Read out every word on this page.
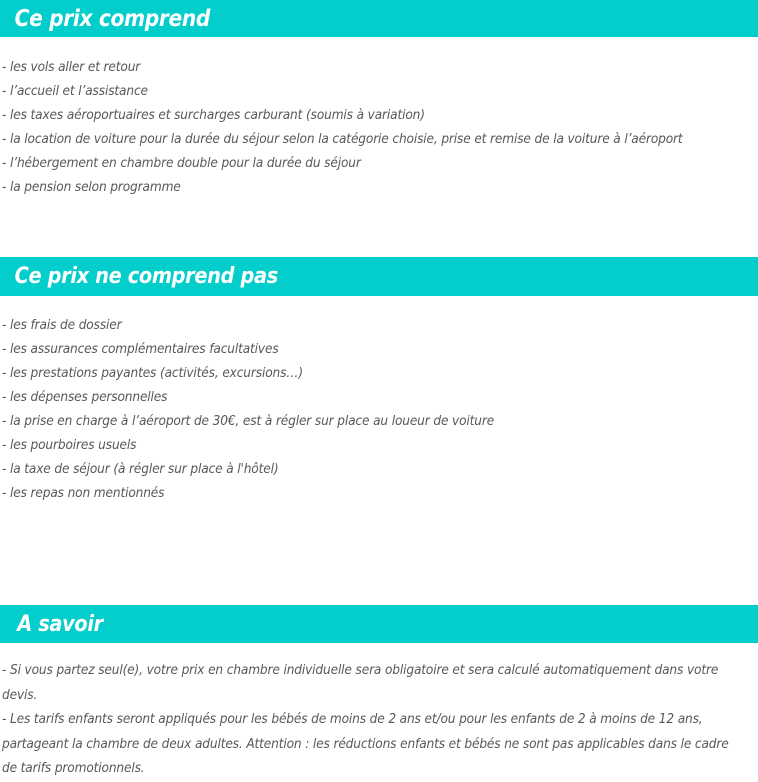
Ce prix comprend

- les vols aller et retour

- l’accueil et l’assistance

- les taxes aéroportuaires et surcharges carburant (soumis à variation)

- la location de voiture pour la durée du séjour selon la catégorie choisie, prise et remise de la voiture à l’aéroport

- l’hébergement en chambre double pour la durée du séjour

- la pension selon programme

Ce prix ne comprend pas

- les frais de dossier

- les assurances complémentaires facultatives

- les prestations payantes (activités, excursions…)

- les dépenses personnelles

- la prise en charge à l’aéroport de 30€, est à régler sur place au loueur de voiture

- les pourboires usuels

- la taxe de séjour (à régler sur place à l'hôtel)

- les repas non mentionnés

A savoir

- Si vous partez seul(e), votre prix en chambre individuelle sera obligatoire et sera calculé automatiquement dans votre

devis.

- Les tarifs enfants seront appliqués pour les bébés de moins de 2 ans et/ou pour les enfants de 2 à moins de 12 ans,

partageant la chambre de deux adultes. Attention : les réductions enfants et bébés ne sont pas applicables dans le cadre

de tarifs promotionnels.
